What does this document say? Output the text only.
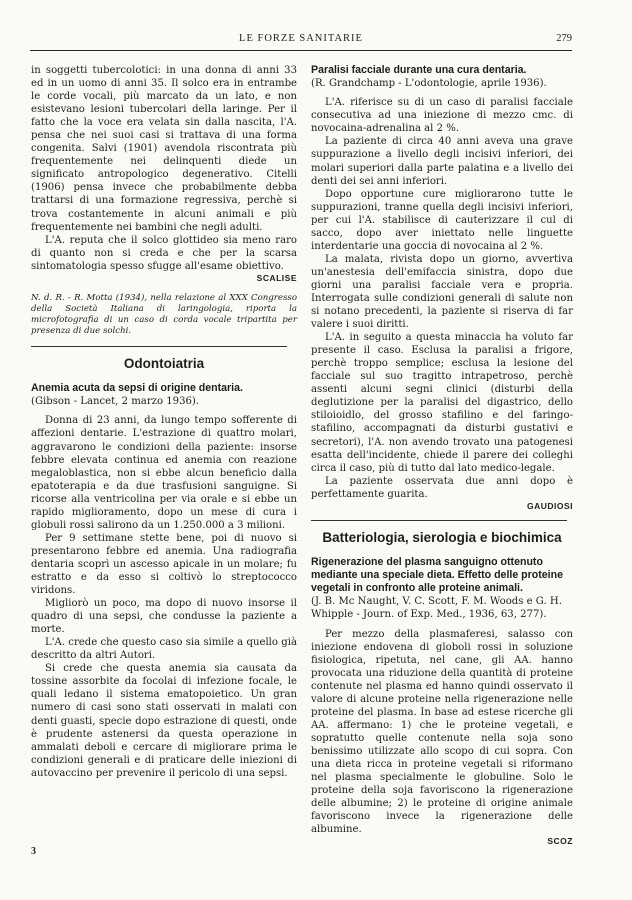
LE FORZE SANITARIE	279

in soggetti tubercolotici: in una donna di anni 33 ed in un uomo di anni 35. Il solco era in entrambe le corde vocali, più marcato da un lato, e non esistevano lesioni tubercolari della laringe. Per il fatto che la voce era velata sin dalla nascita, l'A. pensa che nei suoi casi si trattava di una forma congenita. Salvi (1901) avendola riscontrata più frequentemente nei delinquenti diede un significato antropologico degenerativo. Citelli (1906) pensa invece che probabilmente debba trattarsi di una formazione regressiva, perchè si trova costantemente in alcuni animali e più frequentemente nei bambini che negli adulti.

L'A. reputa che il solco glottideo sia meno raro di quanto non si creda e che per la scarsa sintomatologia spesso sfugge all'esame obiettivo.

SCALISE
N. d. R. - R. Motta (1934), nella relazione al XXX Congresso della Società Italiana di laringologia, riporta la microfotografia di un caso di corda vocale tripartita per presenza di due solchi.
Odontoiatria
Anemia acuta da sepsi di origine dentaria.
(Gibson - Lancet, 2 marzo 1936).

Donna di 23 anni, da lungo tempo sofferente di affezioni dentarie. L'estrazione di quattro molari, aggravarono le condizioni della paziente: insorse febbre elevata continua ed anemia con reazione megaloblastica, non si ebbe alcun beneficio dalla epatoterapia e da due trasfusioni sanguigne. Si ricorse alla ventricolina per via orale e si ebbe un rapido miglioramento, dopo un mese di cura i globuli rossi salirono da un 1.250.000 a 3 milioni.

Per 9 settimane stette bene, poi di nuovo si presentarono febbre ed anemia. Una radiografia dentaria scoprì un ascesso apicale in un molare; fu estratto e da esso si coltivò lo streptococco viridons.

Migliorò un poco, ma dopo di nuovo insorse il quadro di una sepsi, che condusse la paziente a morte.

L'A. crede che questo caso sia simile a quello già descritto da altri Autori.

Si crede che questa anemia sia causata da tossine assorbite da focolai di infezione focale, le quali ledano il sistema ematopoietico. Un gran numero di casi sono stati osservati in malati con denti guasti, specie dopo estrazione di questi, onde è prudente astenersi da questa operazione in ammalati deboli e cercare di migliorare prima le condizioni generali e di praticare delle iniezioni di autovaccino per prevenire il pericolo di una sepsi.

Paralisi facciale durante una cura dentaria.
(R. Grandchamp - L'odontologie, aprile 1936).

L'A. riferisce su di un caso di paralisi facciale consecutiva ad una iniezione di mezzo cmc. di novocaina-adrenalina al 2 %.

La paziente di circa 40 anni aveva una grave suppurazione a livello degli incisivi inferiori, dei molari superiori dalla parte palatina e a livello dei denti dei sei anni inferiori.

Dopo opportune cure migliorarono tutte le suppurazioni, tranne quella degli incisivi inferiori, per cui l'A. stabilisce di cauterizzare il cul di sacco, dopo aver iniettato nelle linguette interdentarie una goccia di novocaina al 2 %.

La malata, rivista dopo un giorno, avvertiva un'anestesia dell'emifaccia sinistra, dopo due giorni una paralisi facciale vera e propria. Interrogata sulle condizioni generali di salute non si notano precedenti, la paziente si riserva di far valere i suoi diritti.

L'A. in seguito a questa minaccia ha voluto far presente il caso. Esclusa la paralisi a frigore, perchè troppo semplice; esclusa la lesione del facciale sul suo tragitto intrapetroso, perchè assenti alcuni segni clinici (disturbi della deglutizione per la paralisi del digastrico, dello stiloioidlo, del grosso stafilino e del faringo-stafilino, accompagnati da disturbi gustativi e secretori), l'A. non avendo trovato una patogenesi esatta dell'incidente, chiede il parere dei colleghi circa il caso, più di tutto dal lato medico-legale.

La paziente osservata due anni dopo è perfettamente guarita.

GAUDIOSI
Batteriologia, sierologia e biochimica
Rigenerazione del plasma sanguigno ottenuto mediante una speciale dieta. Effetto delle proteine vegetali in confronto alle proteine animali.
(J. B. Mc Naught, V. C. Scott, F. M. Woods e G. H. Whipple - Journ. of Exp. Med., 1936, 63, 277).

Per mezzo della plasmaferesi, salasso con iniezione endovena di globoli rossi in soluzione fisiologica, ripetuta, nel cane, gli AA. hanno provocata una riduzione della quantità di proteine contenute nel plasma ed hanno quindi osservato il valore di alcune proteine nella rigenerazione nelle proteine del plasma. In base ad estese ricerche gli AA. affermano: 1) che le proteine vegetali, e sopratutto quelle contenute nella soja sono benissimo utilizzate allo scopo di cui sopra. Con una dieta ricca in proteine vegetali si riformano nel plasma specialmente le globuline. Solo le proteine della soja favoriscono la rigenerazione delle albumine; 2) le proteine di origine animale favoriscono invece la rigenerazione delle albumine.

SCOZ
3
